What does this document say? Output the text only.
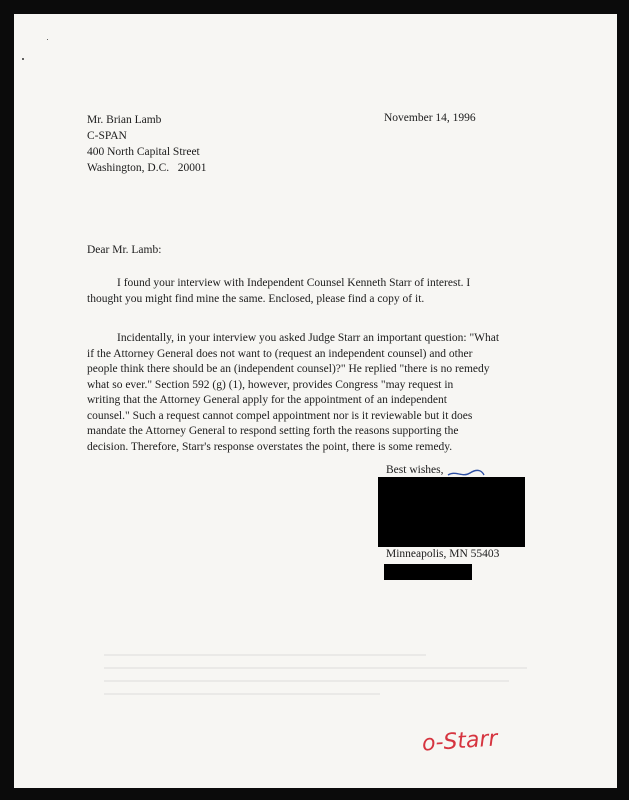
Mr. Brian Lamb
C-SPAN
400 North Capital Street
Washington, D.C.   20001
November 14, 1996
Dear Mr. Lamb:
I found your interview with Independent Counsel Kenneth Starr of interest. I
thought you might find mine the same. Enclosed, please find a copy of it.
Incidentally, in your interview you asked Judge Starr an important question: "What
if the Attorney General does not want to (request an independent counsel) and other
people think there should be an (independent counsel)?" He replied "there is no remedy
what so ever." Section 592 (g) (1), however, provides Congress "may request in
writing that the Attorney General apply for the appointment of an independent
counsel." Such a request cannot compel appointment nor is it reviewable but it does
mandate the Attorney General to respond setting forth the reasons supporting the
decision. Therefore, Starr's response overstates the point, there is some remedy.
Best wishes,
Minneapolis, MN 55403
o-Starr
